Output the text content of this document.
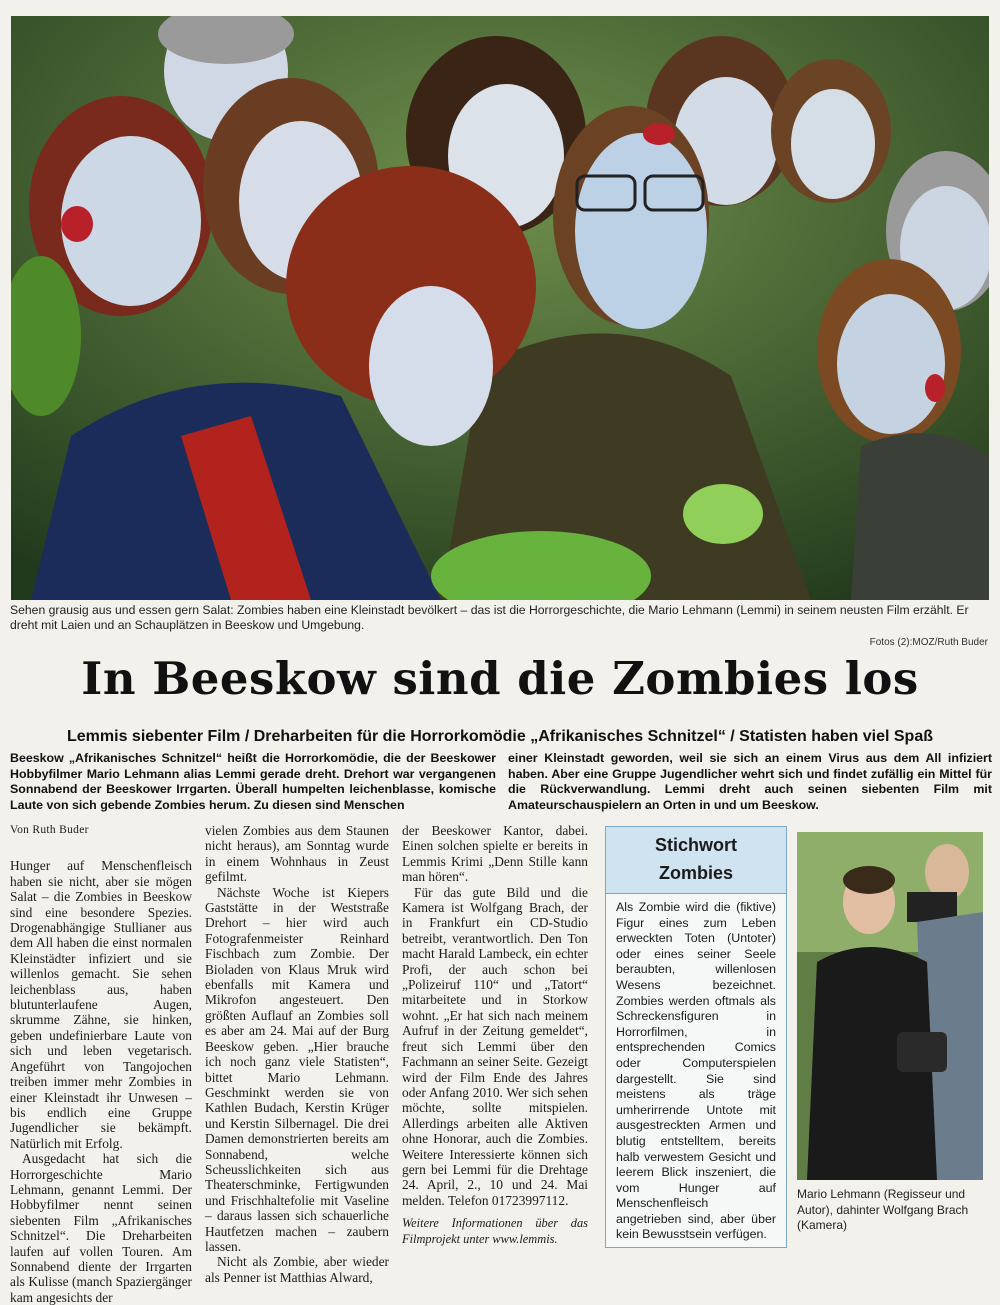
Sehen grausig aus und essen gern Salat: Zombies haben eine Kleinstadt bevölkert – das ist die Horrorgeschichte, die Mario Lehmann (Lemmi) in seinem neusten Film erzählt. Er dreht mit Laien und an Schauplätzen in Beeskow und Umgebung.
Fotos (2):MOZ/Ruth Buder
In Beeskow sind die Zombies los
Lemmis siebenter Film / Dreharbeiten für die Horrorkomödie „Afrikanisches Schnitzel“ / Statisten haben viel Spaß
Beeskow „Afrikanisches Schnitzel“ heißt die Horrorkomödie, die der Beeskower Hobbyfilmer Mario Lehmann alias Lemmi gerade dreht. Drehort war vergangenen Sonnabend der Beeskower Irrgarten. Überall humpelten leichenblasse, komische Laute von sich gebende Zombies herum. Zu diesen sind Menschen
einer Kleinstadt geworden, weil sie sich an einem Virus aus dem All infiziert haben. Aber eine Gruppe Jugendlicher wehrt sich und findet zufällig ein Mittel für die Rückverwandlung. Lemmi dreht auch seinen siebenten Film mit Amateurschauspielern an Orten in und um Beeskow.

Von Ruth Buder

Hunger auf Menschenfleisch haben sie nicht, aber sie mögen Salat – die Zombies in Beeskow sind eine besondere Spezies. Drogenabhängige Stullianer aus dem All haben die einst normalen Kleinstädter infiziert und sie willenlos gemacht. Sie sehen leichenblass aus, haben blutunterlaufene Augen, skrumme Zähne, sie hinken, geben undefinierbare Laute von sich und leben vegetarisch. Angeführt von Tangojochen treiben immer mehr Zombies in einer Kleinstadt ihr Unwesen – bis endlich eine Gruppe Jugendlicher sie bekämpft. Natürlich mit Erfolg.

Ausgedacht hat sich die Horrorgeschichte Mario Lehmann, genannt Lemmi. Der Hobbyfilmer nennt seinen siebenten Film „Afrikanisches Schnitzel“. Die Dreharbeiten laufen auf vollen Touren. Am Sonnabend diente der Irrgarten als Kulisse (manch Spaziergänger kam angesichts der

vielen Zombies aus dem Staunen nicht heraus), am Sonntag wurde in einem Wohnhaus in Zeust gefilmt.

Nächste Woche ist Kiepers Gaststätte in der Weststraße Drehort – hier wird auch Fotografenmeister Reinhard Fischbach zum Zombie. Der Bioladen von Klaus Mruk wird ebenfalls mit Kamera und Mikrofon angesteuert. Den größten Auflauf an Zombies soll es aber am 24. Mai auf der Burg Beeskow geben. „Hier brauche ich noch ganz viele Statisten“, bittet Mario Lehmann. Geschminkt werden sie von Kathlen Budach, Kerstin Krüger und Kerstin Silbernagel. Die drei Damen demonstrierten bereits am Sonnabend, welche Scheusslichkeiten sich aus Theaterschminke, Fertigwunden und Frischhaltefolie mit Vaseline – daraus lassen sich schauerliche Hautfetzen machen – zaubern lassen.

Nicht als Zombie, aber wieder als Penner ist Matthias Alward,

der Beeskower Kantor, dabei. Einen solchen spielte er bereits in Lemmis Krimi „Denn Stille kann man hören“.

Für das gute Bild und die Kamera ist Wolfgang Brach, der in Frankfurt ein CD-Studio betreibt, verantwortlich. Den Ton macht Harald Lambeck, ein echter Profi, der auch schon bei „Polizeiruf 110“ und „Tatort“ mitarbeitete und in Storkow wohnt. „Er hat sich nach meinem Aufruf in der Zeitung gemeldet“, freut sich Lemmi über den Fachmann an seiner Seite. Gezeigt wird der Film Ende des Jahres oder Anfang 2010. Wer sich sehen möchte, sollte mitspielen. Allerdings arbeiten alle Aktiven ohne Honorar, auch die Zombies. Weitere Interessierte können sich gern bei Lemmi für die Drehtage 24. April, 2., 10 und 24. Mai melden. Telefon 01723997112.

Weitere Informationen über das Filmprojekt unter www.lemmis.

Stichwort
Zombies
Als Zombie wird die (fiktive) Figur eines zum Leben erweckten Toten (Untoter) oder eines seiner Seele beraubten, willenlosen Wesens bezeichnet. Zombies werden oftmals als Schreckensfiguren in Horrorfilmen, in entsprechenden Comics oder Computerspielen dargestellt. Sie sind meistens als träge umherirrende Untote mit ausgestreckten Armen und blutig entstelltem, bereits halb verwestem Gesicht und leerem Blick inszeniert, die vom Hunger auf Menschenfleisch angetrieben sind, aber über kein Bewusstsein verfügen.
Mario Lehmann (Regisseur und Autor), dahinter Wolfgang Brach (Kamera)
